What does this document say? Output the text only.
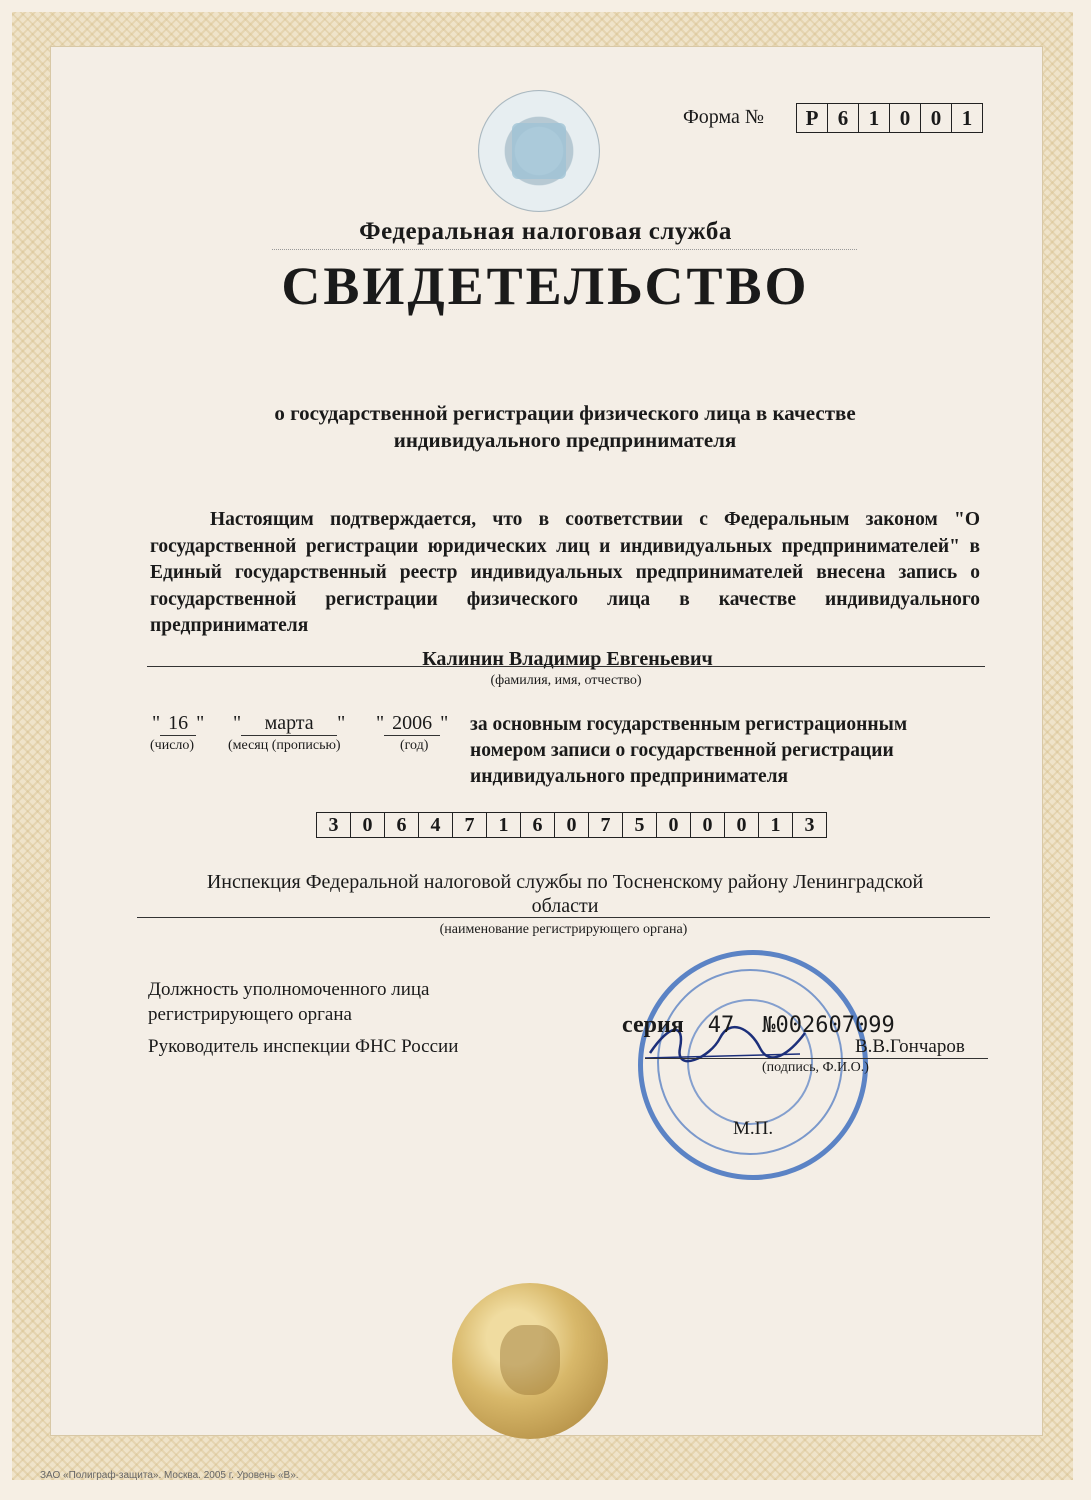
Форма №	Р 6 1 0 0 1
Федеральная налоговая служба
СВИДЕТЕЛЬСТВО
о государственной регистрации физического лица в качестве
индивидуального предпринимателя
Настоящим подтверждается, что в соответствии с Федеральным законом "О государственной регистрации юридических лиц и индивидуальных предпринимателей" в Единый государственный реестр индивидуальных предпринимателей внесена запись о государственной регистрации физического лица в качестве индивидуального предпринимателя
Калинин Владимир Евгеньевич
(фамилия, имя, отчество)
" 16 " " марта " " 2006 "
(число) (месяц (прописью)	(год)
за основным государственным регистрационным
номером записи о государственной регистрации
индивидуального предпринимателя
3	0	6	4	7	1	6	0	7	5	0	0	0	1	3
Инспекция Федеральной налоговой службы по Тосненскому району Ленинградской
области
(наименование регистрирующего органа)
Должность уполномоченного лица
регистрирующего органа
Руководитель инспекции ФНС России	В.В.Гончаров
(подпись, Ф.И.О.)
М.П.
серия 47 №002607099
ЗАО «Полиграф-защита». Москва. 2005 г. Уровень «В».
